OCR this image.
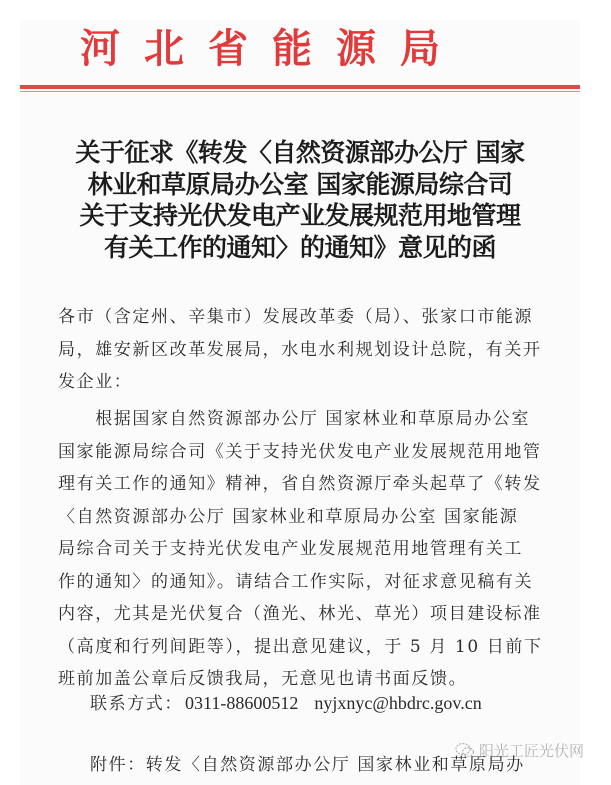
河 北 省 能 源 局
关于征求《转发〈自然资源部办公厅 国家
林业和草原局办公室 国家能源局综合司
关于支持光伏发电产业发展规范用地管理
有关工作的通知〉的通知》意见的函
各市（含定州、辛集市）发展改革委（局）、张家口市能源
局，雄安新区改革发展局，水电水利规划设计总院，有关开
发企业：
　　根据国家自然资源部办公厅 国家林业和草原局办公室
国家能源局综合司《关于支持光伏发电产业发展规范用地管
理有关工作的通知》精神，省自然资源厅牵头起草了《转发
〈自然资源部办公厅 国家林业和草原局办公室 国家能源
局综合司关于支持光伏发电产业发展规范用地管理有关工
作的通知〉的通知》。请结合工作实际，对征求意见稿有关
内容，尤其是光伏复合（渔光、林光、草光）项目建设标准
（高度和行列间距等），提出意见建议，于 5 月 10 日前下
班前加盖公章后反馈我局，无意见也请书面反馈。
联系方式： 0311-88600512 nyjxnyc@hbdrc.gov.cn
附件：转发〈自然资源部办公厅 国家林业和草原局办
阳光工匠光伏网
